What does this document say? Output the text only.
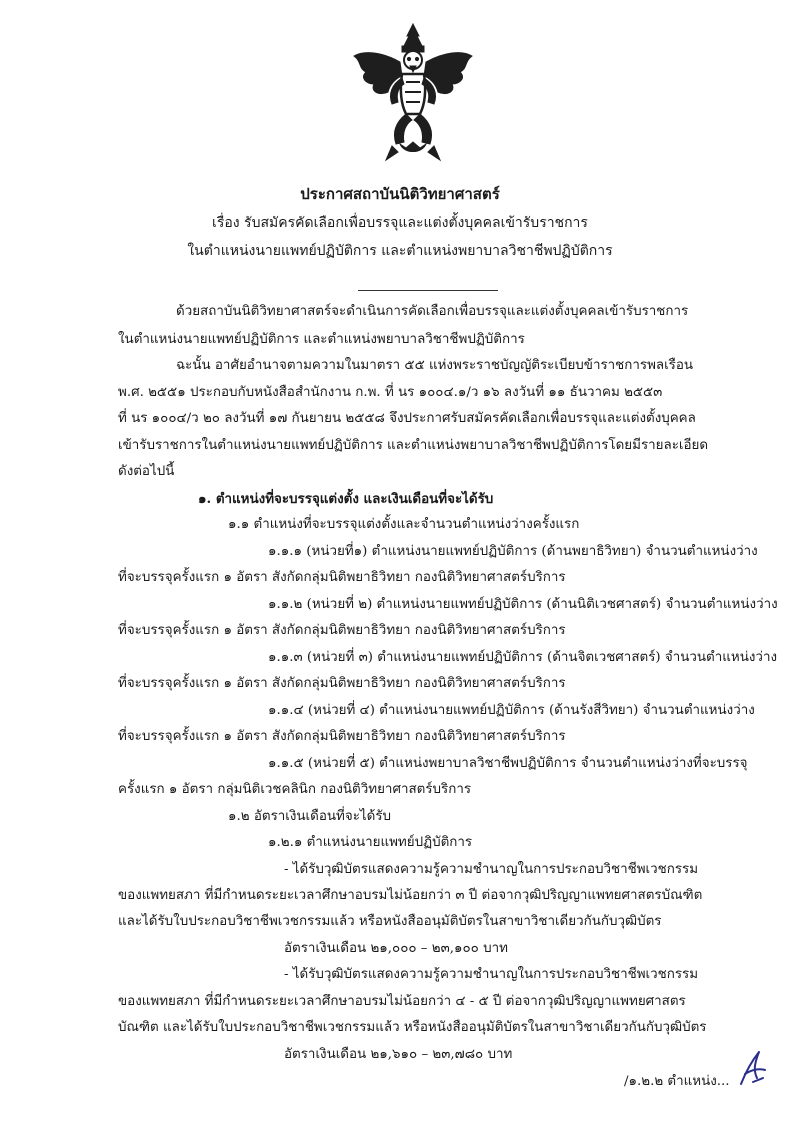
ประกาศสถาบันนิติวิทยาศาสตร์
เรื่อง รับสมัครคัดเลือกเพื่อบรรจุและแต่งตั้งบุคคลเข้ารับราชการ
ในตำแหน่งนายแพทย์ปฏิบัติการ และตำแหน่งพยาบาลวิชาชีพปฏิบัติการ
ด้วยสถาบันนิติวิทยาศาสตร์จะดำเนินการคัดเลือกเพื่อบรรจุและแต่งตั้งบุคคลเข้ารับราชการ
ในตำแหน่งนายแพทย์ปฏิบัติการ และตำแหน่งพยาบาลวิชาชีพปฏิบัติการ
ฉะนั้น อาศัยอำนาจตามความในมาตรา ๕๕ แห่งพระราชบัญญัติระเบียบข้าราชการพลเรือน
พ.ศ. ๒๕๕๑ ประกอบกับหนังสือสำนักงาน ก.พ. ที่ นร ๑๐๐๔.๑/ว ๑๖ ลงวันที่ ๑๑ ธันวาคม ๒๕๕๓
ที่ นร ๑๐๐๔/ว ๒๐ ลงวันที่ ๑๗ กันยายน ๒๕๕๘ จึงประกาศรับสมัครคัดเลือกเพื่อบรรจุและแต่งตั้งบุคคล
เข้ารับราชการในตำแหน่งนายแพทย์ปฏิบัติการ และตำแหน่งพยาบาลวิชาชีพปฏิบัติการโดยมีรายละเอียด
ดังต่อไปนี้
๑. ตำแหน่งที่จะบรรจุแต่งตั้ง และเงินเดือนที่จะได้รับ
๑.๑ ตำแหน่งที่จะบรรจุแต่งตั้งและจำนวนตำแหน่งว่างครั้งแรก
๑.๑.๑ (หน่วยที่๑) ตำแหน่งนายแพทย์ปฏิบัติการ (ด้านพยาธิวิทยา) จำนวนตำแหน่งว่าง
ที่จะบรรจุครั้งแรก ๑ อัตรา สังกัดกลุ่มนิติพยาธิวิทยา กองนิติวิทยาศาสตร์บริการ
๑.๑.๒ (หน่วยที่ ๒) ตำแหน่งนายแพทย์ปฏิบัติการ (ด้านนิติเวชศาสตร์) จำนวนตำแหน่งว่าง
ที่จะบรรจุครั้งแรก ๑ อัตรา สังกัดกลุ่มนิติพยาธิวิทยา กองนิติวิทยาศาสตร์บริการ
๑.๑.๓ (หน่วยที่ ๓) ตำแหน่งนายแพทย์ปฏิบัติการ (ด้านจิตเวชศาสตร์) จำนวนตำแหน่งว่าง
ที่จะบรรจุครั้งแรก ๑ อัตรา สังกัดกลุ่มนิติพยาธิวิทยา กองนิติวิทยาศาสตร์บริการ
๑.๑.๔ (หน่วยที่ ๔) ตำแหน่งนายแพทย์ปฏิบัติการ (ด้านรังสีวิทยา) จำนวนตำแหน่งว่าง
ที่จะบรรจุครั้งแรก ๑ อัตรา สังกัดกลุ่มนิติพยาธิวิทยา กองนิติวิทยาศาสตร์บริการ
๑.๑.๕ (หน่วยที่ ๕) ตำแหน่งพยาบาลวิชาชีพปฏิบัติการ จำนวนตำแหน่งว่างที่จะบรรจุ
ครั้งแรก ๑ อัตรา กลุ่มนิติเวชคลินิก กองนิติวิทยาศาสตร์บริการ
๑.๒ อัตราเงินเดือนที่จะได้รับ
๑.๒.๑ ตำแหน่งนายแพทย์ปฏิบัติการ
- ได้รับวุฒิบัตรแสดงความรู้ความชำนาญในการประกอบวิชาชีพเวชกรรม
ของแพทยสภา ที่มีกำหนดระยะเวลาศึกษาอบรมไม่น้อยกว่า ๓ ปี ต่อจากวุฒิปริญญาแพทยศาสตรบัณฑิต
และได้รับใบประกอบวิชาชีพเวชกรรมแล้ว หรือหนังสืออนุมัติบัตรในสาขาวิชาเดียวกันกับวุฒิบัตร
อัตราเงินเดือน ๒๑,๐๐๐ – ๒๓,๑๐๐ บาท
- ได้รับวุฒิบัตรแสดงความรู้ความชำนาญในการประกอบวิชาชีพเวชกรรม
ของแพทยสภา ที่มีกำหนดระยะเวลาศึกษาอบรมไม่น้อยกว่า ๔ - ๕ ปี ต่อจากวุฒิปริญญาแพทยศาสตร
บัณฑิต และได้รับใบประกอบวิชาชีพเวชกรรมแล้ว หรือหนังสืออนุมัติบัตรในสาขาวิชาเดียวกันกับวุฒิบัตร
อัตราเงินเดือน ๒๑,๖๑๐ – ๒๓,๗๘๐ บาท
/๑.๒.๒ ตำแหน่ง...
